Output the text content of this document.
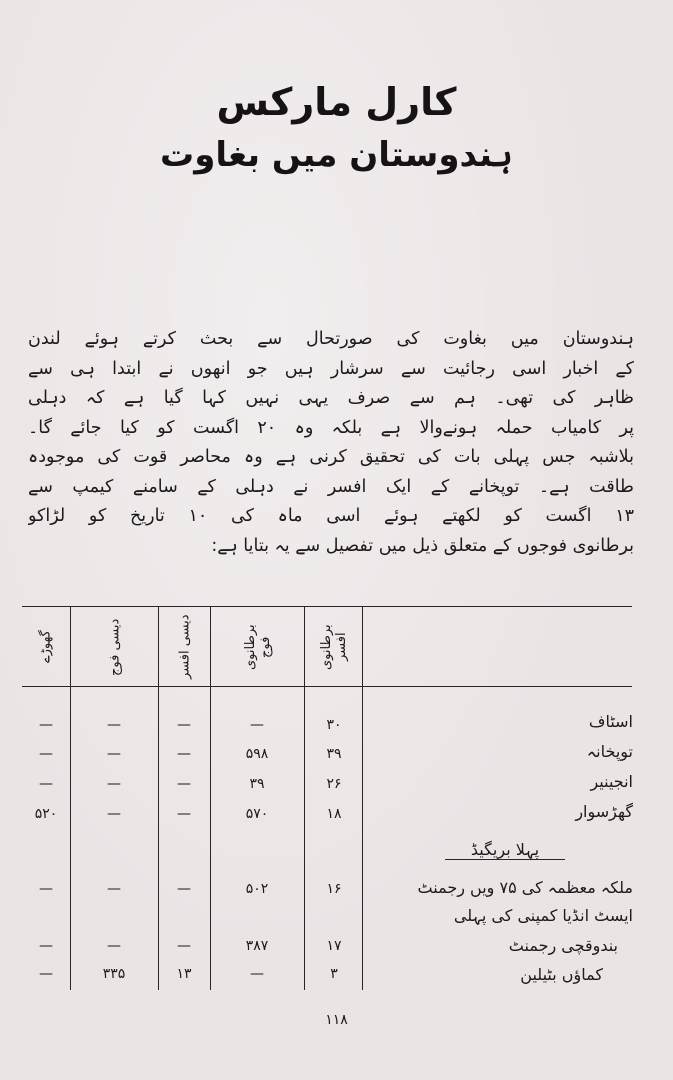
کارل مارکس
ہندوستان میں بغاوت
ہندوستان میں بغاوت کی صورتحال سے بحث کرتے ہوئے لندن
کے اخبار اسی رجائیت سے سرشار ہیں جو انھوں نے ابتدا ہی سے
ظاہر کی تھی۔ ہم سے صرف یہی نہیں کہا گیا ہے کہ دہلی
پر کامیاب حملہ ہونےوالا ہے بلکہ وہ ۲۰ اگست کو کیا جائے گا۔
بلاشبہ جس پہلی بات کی تحقیق کرنی ہے وہ محاصر قوت کی موجودہ
طاقت ہے۔ توپخانے کے ایک افسر نے دہلی کے سامنے کیمپ سے
۱۳ اگست کو لکھتے ہوئے اسی ماہ کی ۱۰ تاریخ کو لڑاکو
برطانوی فوجوں کے متعلق ذیل میں تفصیل سے یہ بتایا ہے:
برطانوی افسر
برطانوی فوج
دیسی افسر
دیسی فوج
گھوڑے
اسٹاف
توپخانہ
انجینیر
گھڑسوار
پہلا بریگیڈ
ملکہ معظمہ کی ۷۵ ویں رجمنٹ
ایسٹ انڈیا کمپنی کی پہلی
بندوقچی رجمنٹ
کماؤں بٹیلین
۳۰
—
—
—
—
۳۹
۵۹۸
—
—
—
۲۶
۳۹
—
—
—
۱۸
۵۷۰
—
—
۵۲۰
۱۶
۵۰۲
—
—
—
۱۷
۳۸۷
—
—
—
۳
—
۱۳
۳۳۵
—
۱۱۸
